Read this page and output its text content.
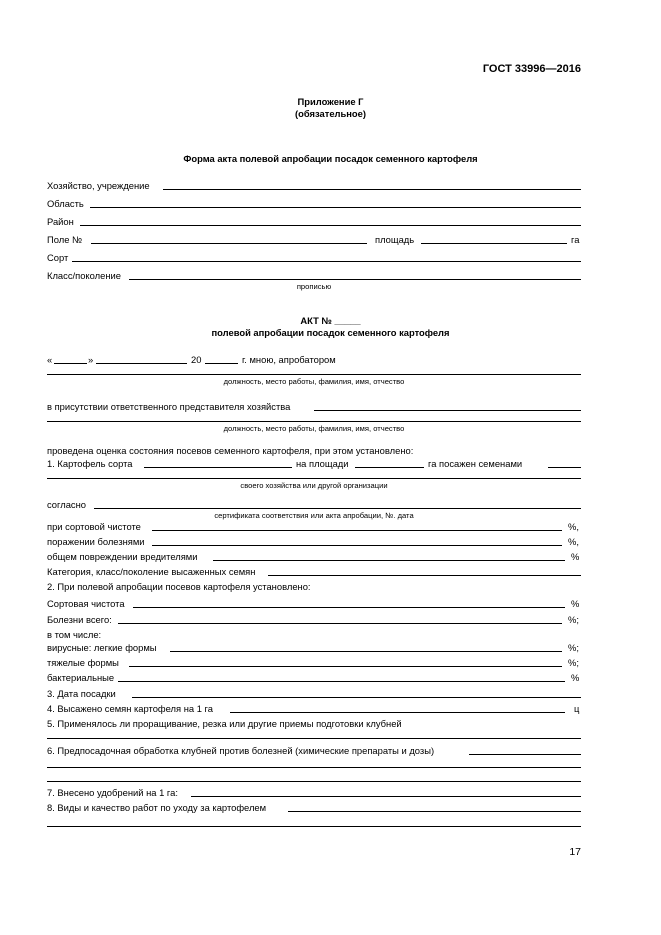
ГОСТ 33996—2016
Приложение Г
(обязательное)
Форма акта полевой апробации посадок семенного картофеля
Хозяйство, учреждение
Область
Район
Поле №	площадь	га
Сорт
Класс/поколение
прописью
АКТ № _____
полевой апробации посадок семенного картофеля
«	»	20	г. мною, апробатором
должность, место работы, фамилия, имя, отчество
в присутствии ответственного представителя хозяйства
должность, место работы, фамилия, имя, отчество
проведена оценка состояния посевов семенного картофеля, при этом установлено:
1. Картофель сорта	на площади	га посажен семенами
своего хозяйства или другой организации
согласно
сертификата соответствия или акта апробации, №. дата
при сортовой чистоте	%,
поражении болезнями	%,
общем повреждении вредителями	%
Категория, класс/поколение высаженных семян
2. При полевой апробации посевов картофеля установлено:
Сортовая чистота	%
Болезни всего:	%;
в том числе:
вирусные: легкие формы	%;
тяжелые формы	%;
бактериальные	%
3. Дата посадки
4. Высажено семян картофеля на 1 га	ц
5. Применялось ли проращивание, резка или другие приемы подготовки клубней
6. Предпосадочная обработка клубней против болезней (химические препараты и дозы)
7. Внесено удобрений на 1 га:
8. Виды и качество работ по уходу за картофелем
17
